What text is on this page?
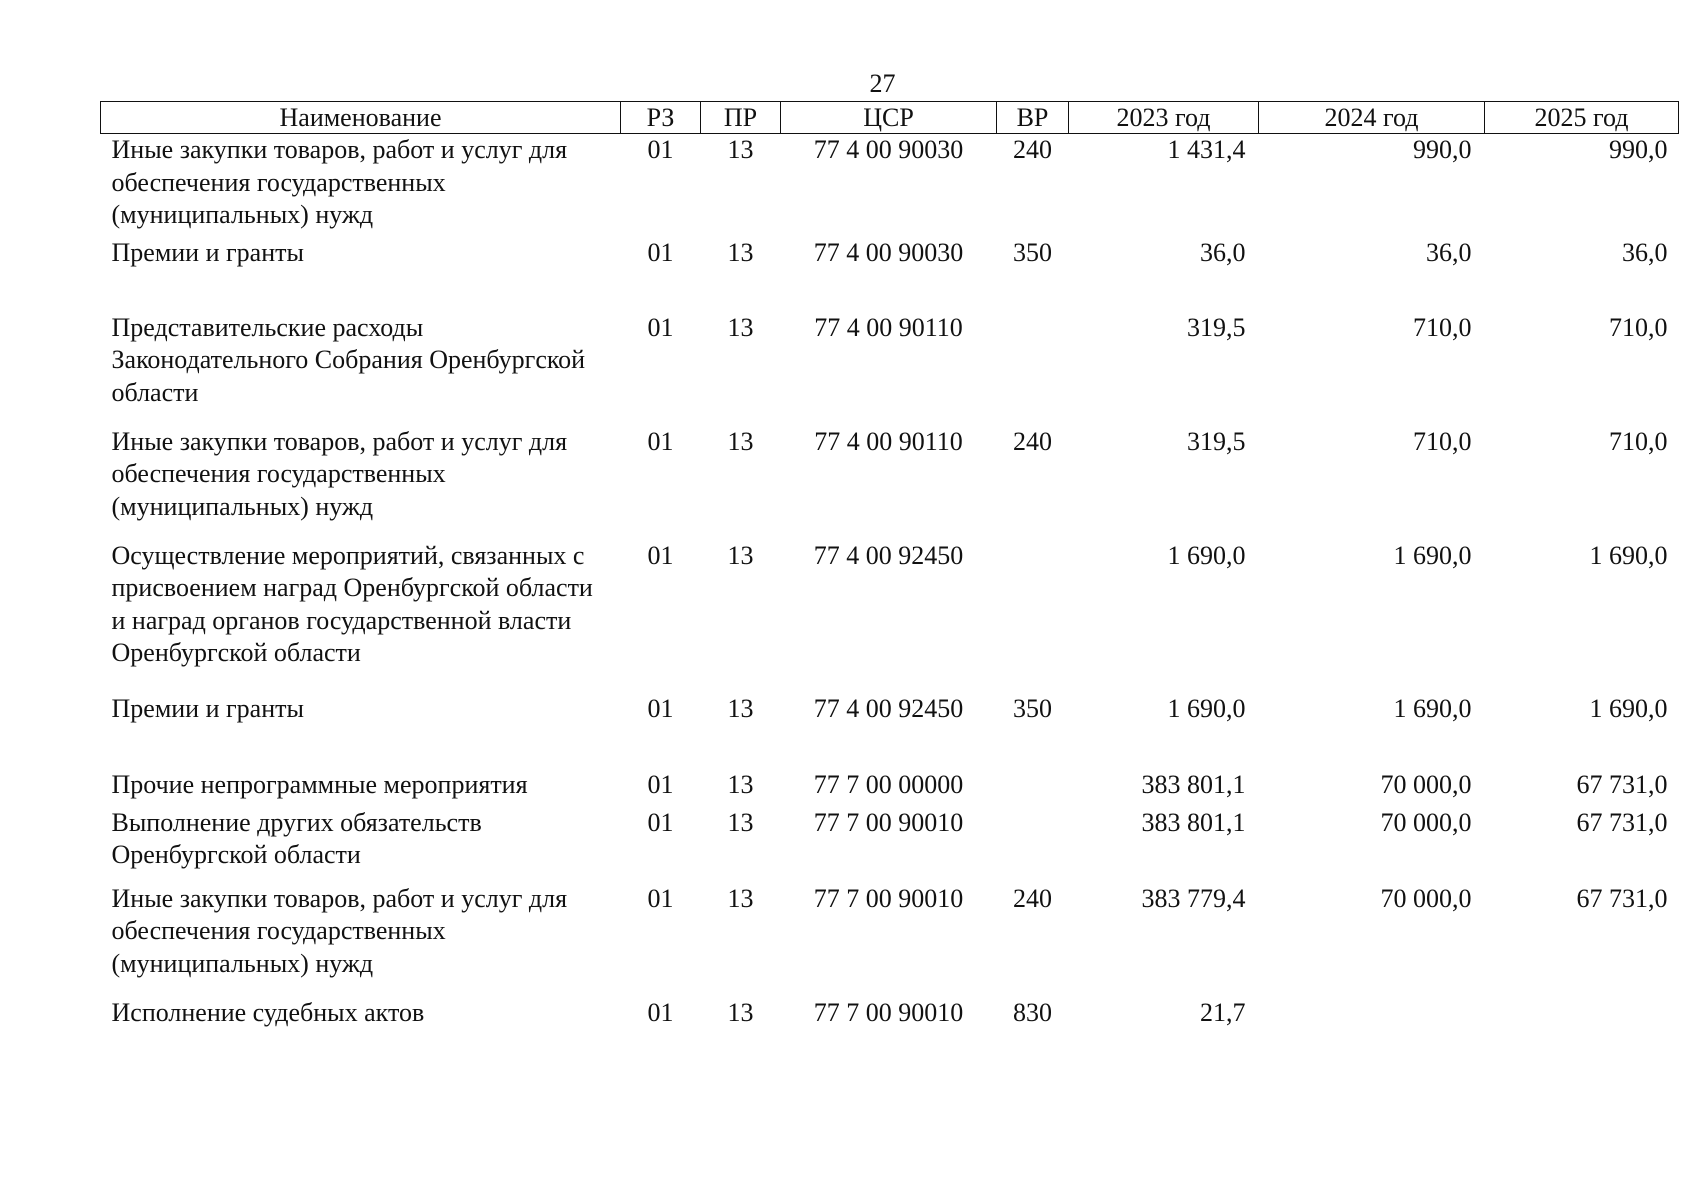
27
Наименование	РЗ	ПР	ЦСР	ВР	2023 год	2024 год	2025 год
Иные закупки товаров, работ и услуг для обеспечения государственных (муниципальных) нужд	01	13	77 4 00 90030	240	1 431,4	990,0	990,0
Премии и гранты	01	13	77 4 00 90030	350	36,0	36,0	36,0
Представительские расходы Законодательного Собрания Оренбургской области	01	13	77 4 00 90110		319,5	710,0	710,0
Иные закупки товаров, работ и услуг для обеспечения государственных (муниципальных) нужд	01	13	77 4 00 90110	240	319,5	710,0	710,0
Осуществление мероприятий, связанных с присвоением наград Оренбургской области и наград органов государственной власти Оренбургской области	01	13	77 4 00 92450		1 690,0	1 690,0	1 690,0
Премии и гранты	01	13	77 4 00 92450	350	1 690,0	1 690,0	1 690,0
Прочие непрограммные мероприятия	01	13	77 7 00 00000		383 801,1	70 000,0	67 731,0
Выполнение других обязательств Оренбургской области	01	13	77 7 00 90010		383 801,1	70 000,0	67 731,0
Иные закупки товаров, работ и услуг для обеспечения государственных (муниципальных) нужд	01	13	77 7 00 90010	240	383 779,4	70 000,0	67 731,0
Исполнение судебных актов	01	13	77 7 00 90010	830	21,7		
